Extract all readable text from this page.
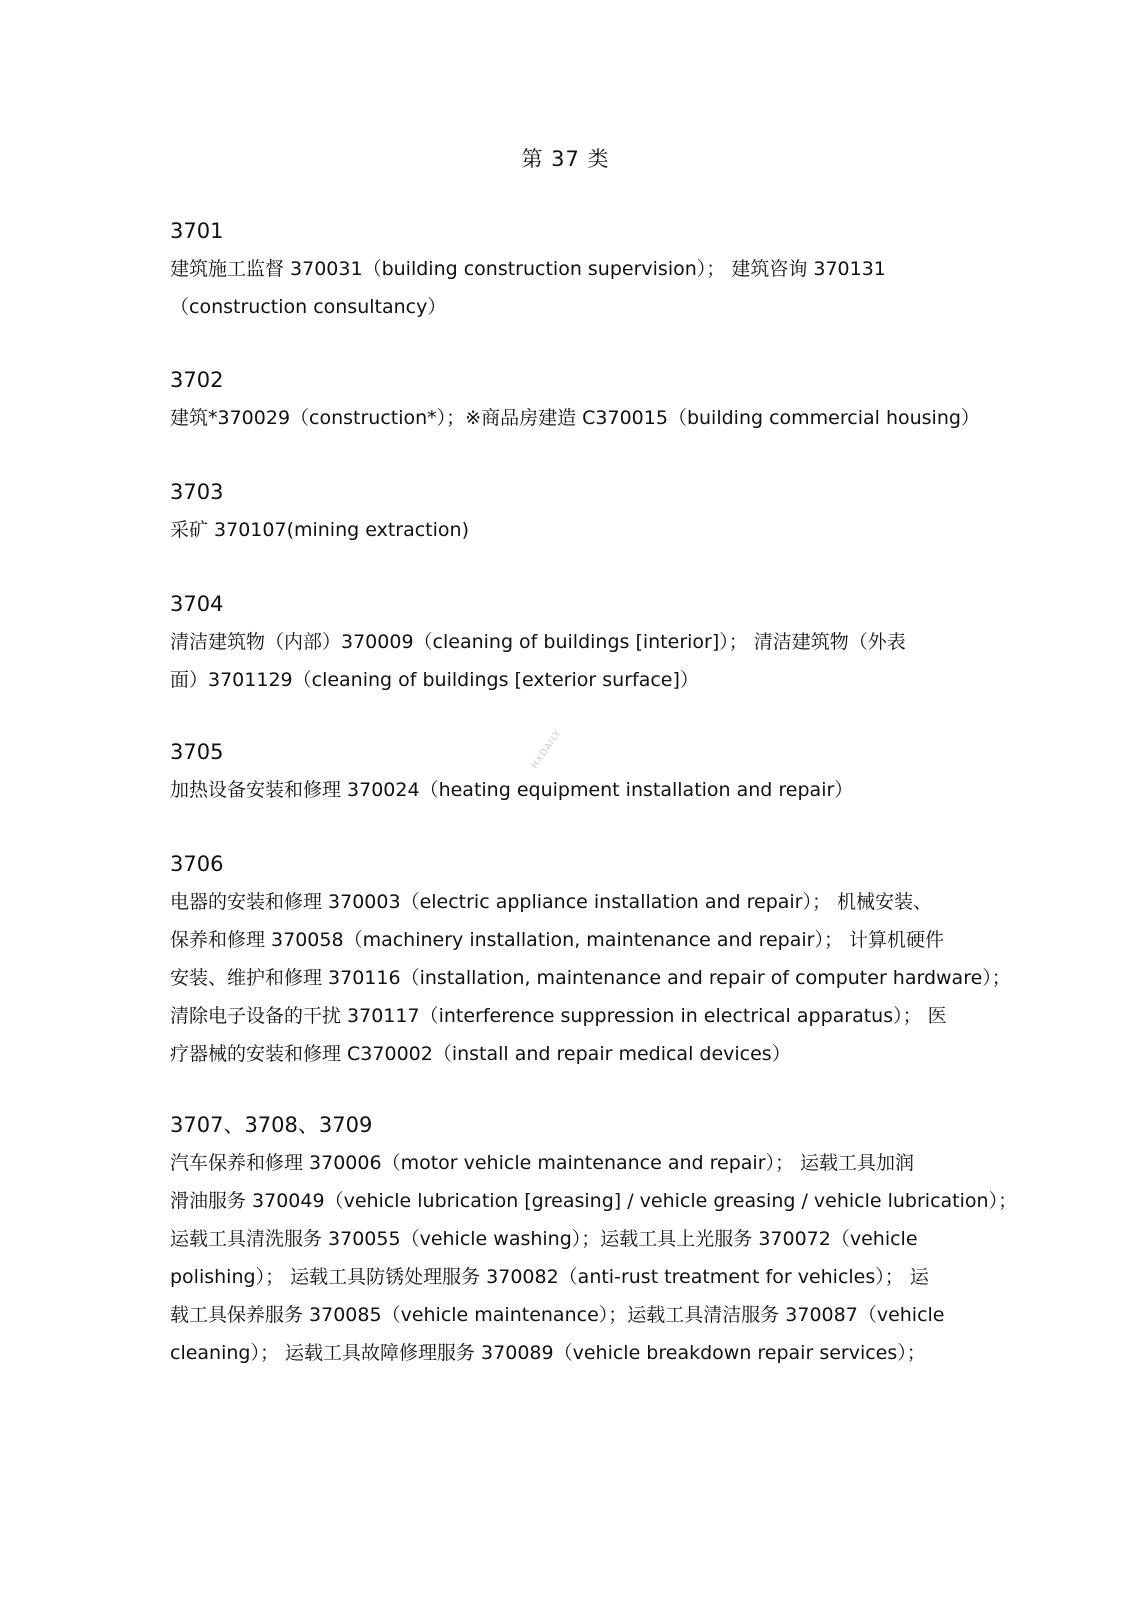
第 37 类
3701
建筑施工监督 370031（building construction supervision）； 建筑咨询 370131
（construction consultancy）
3702
建筑*370029（construction*）；※商品房建造 C370015（building commercial housing）
3703
采矿 370107(mining extraction)
3704
清洁建筑物（内部）370009（cleaning of buildings [interior]）； 清洁建筑物（外表
面）3701129（cleaning of buildings [exterior surface]）
3705
加热设备安装和修理 370024（heating equipment installation and repair）
3706
电器的安装和修理 370003（electric appliance installation and repair）； 机械安装、
保养和修理 370058（machinery installation, maintenance and repair）； 计算机硬件
安装、维护和修理 370116（installation, maintenance and repair of computer hardware）；
清除电子设备的干扰 370117（interference suppression in electrical apparatus）； 医
疗器械的安装和修理 C370002（install and repair medical devices）
3707、3708、3709
汽车保养和修理 370006（motor vehicle maintenance and repair）； 运载工具加润
滑油服务 370049（vehicle lubrication [greasing] / vehicle greasing / vehicle lubrication）；
运载工具清洗服务 370055（vehicle washing）；运载工具上光服务 370072（vehicle
polishing）； 运载工具防锈处理服务 370082（anti-rust treatment for vehicles）； 运
载工具保养服务 370085（vehicle maintenance）；运载工具清洁服务 370087（vehicle
cleaning）； 运载工具故障修理服务 370089（vehicle breakdown repair services）；
HXDAILY
